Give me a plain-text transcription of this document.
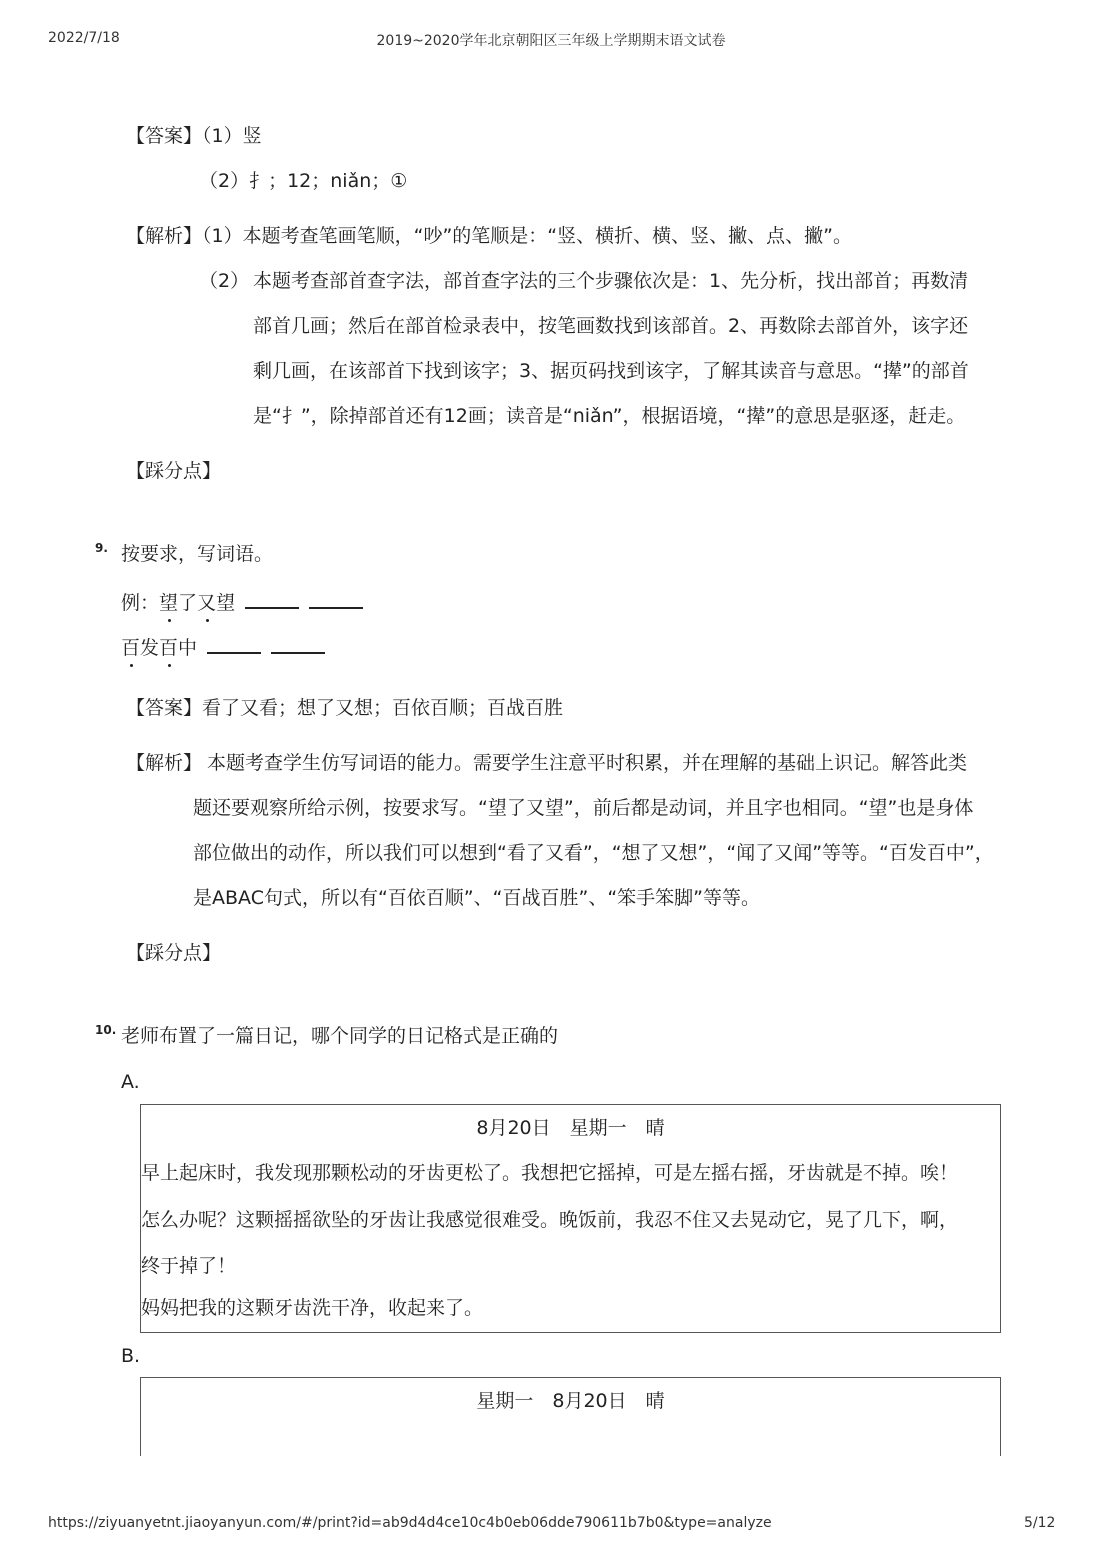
2022/7/18	2019~2020学年北京朝阳区三年级上学期期末语文试卷
【答案】（1）竖
（2）扌；12；niǎn；①
【解析】（1）本题考查笔画笔顺，“吵”的笔顺是：“竖、横折、横、竖、撇、点、撇”。
（2） 本题考查部首查字法，部首查字法的三个步骤依次是：1、先分析，找出部首；再数清
部首几画；然后在部首检录表中，按笔画数找到该部首。2、再数除去部首外，该字还
剩几画，在该部首下找到该字；3、据页码找到该字，了解其读音与意思。“撵”的部首
是“扌”，除掉部首还有12画；读音是“niǎn”，根据语境，“撵”的意思是驱逐，赶走。
【踩分点】
9. 按要求，写词语。
例：望了又望
百发百中
【答案】看了又看；想了又想；百依百顺；百战百胜
【解析】 本题考查学生仿写词语的能力。需要学生注意平时积累，并在理解的基础上识记。解答此类
题还要观察所给示例，按要求写。“望了又望”，前后都是动词，并且字也相同。“望”也是身体
部位做出的动作，所以我们可以想到“看了又看”，“想了又想”，“闻了又闻”等等。“百发百中”，
是ABAC句式，所以有“百依百顺”、“百战百胜”、“笨手笨脚”等等。
【踩分点】
10. 老师布置了一篇日记，哪个同学的日记格式是正确的
A.
8月20日　星期一　晴
早上起床时，我发现那颗松动的牙齿更松了。我想把它摇掉，可是左摇右摇，牙齿就是不掉。唉！
怎么办呢？这颗摇摇欲坠的牙齿让我感觉很难受。晚饭前，我忍不住又去晃动它，晃了几下，啊，
终于掉了！
妈妈把我的这颗牙齿洗干净，收起来了。
B.
星期一　8月20日　晴
https://ziyuanyetnt.jiaoyanyun.com/#/print?id=ab9d4d4ce10c4b0eb06dde790611b7b0&type=analyze	5/12
